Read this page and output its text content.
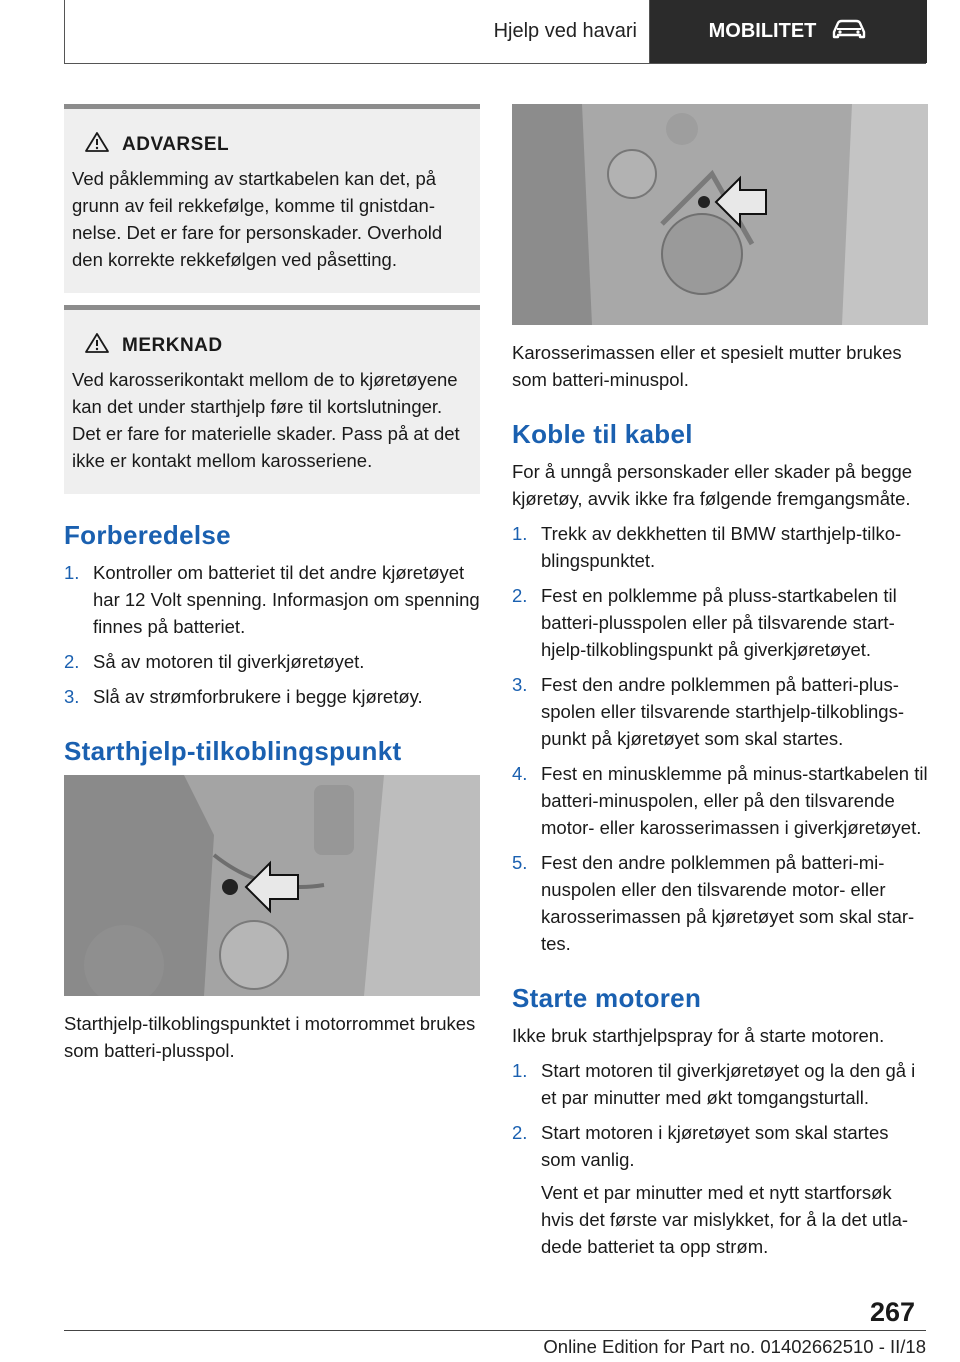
Hjelp ved havari	MOBILITET
ADVARSEL
Ved påklemming av startkabelen kan det, på grunn av feil rekkefølge, komme til gnistdannelse. Det er fare for personskader. Overhold den korrekte rekkefølgen ved påsetting.
MERKNAD
Ved karosserikontakt mellom de to kjøretøyene kan det under starthjelp føre til kortslutninger. Det er fare for materielle skader. Pass på at det ikke er kontakt mellom karosseriene.
Forberedelse
1. Kontroller om batteriet til det andre kjøretøyet har 12 Volt spenning. Informasjon om spenning finnes på batteriet.
2. Så av motoren til giverkjøretøyet.
3. Slå av strømforbrukere i begge kjøretøy.
Starthjelp-tilkoblingspunkt

Starthjelp-tilkoblingspunktet i motorrommet brukes som batteri-plusspol.

Karosserimassen eller et spesielt mutter brukes som batteri-minuspol.

Koble til kabel

For å unngå personskader eller skader på begge kjøretøy, avvik ikke fra følgende fremgangsmåte.

1. Trekk av dekkhetten til BMW starthjelp-tilkoblingspunktet.
2. Fest en polklemme på pluss-startkabelen til batteri-plusspolen eller på tilsvarende starthjelp-tilkoblingspunkt på giverkjøretøyet.
3. Fest den andre polklemmen på batteri-plusspolen eller tilsvarende starthjelp-tilkoblingspunkt på kjøretøyet som skal startes.
4. Fest en minusklemme på minus-startkabelen til batteri-minuspolen, eller på den tilsvarende motor- eller karosserimassen i giverkjøretøyet.
5. Fest den andre polklemmen på batteri-minuspolen eller den tilsvarende motor- eller karosserimassen på kjøretøyet som skal startes.
Starte motoren

Ikke bruk starthjelpspray for å starte motoren.

1. Start motoren til giverkjøretøyet og la den gå i et par minutter med økt tomgangsturtall.
2. Start motoren i kjøretøyet som skal startes som vanlig.
Vent et par minutter med et nytt startforsøk hvis det første var mislykket, for å la det utladede batteriet ta opp strøm.
267
Online Edition for Part no. 01402662510 - II/18
